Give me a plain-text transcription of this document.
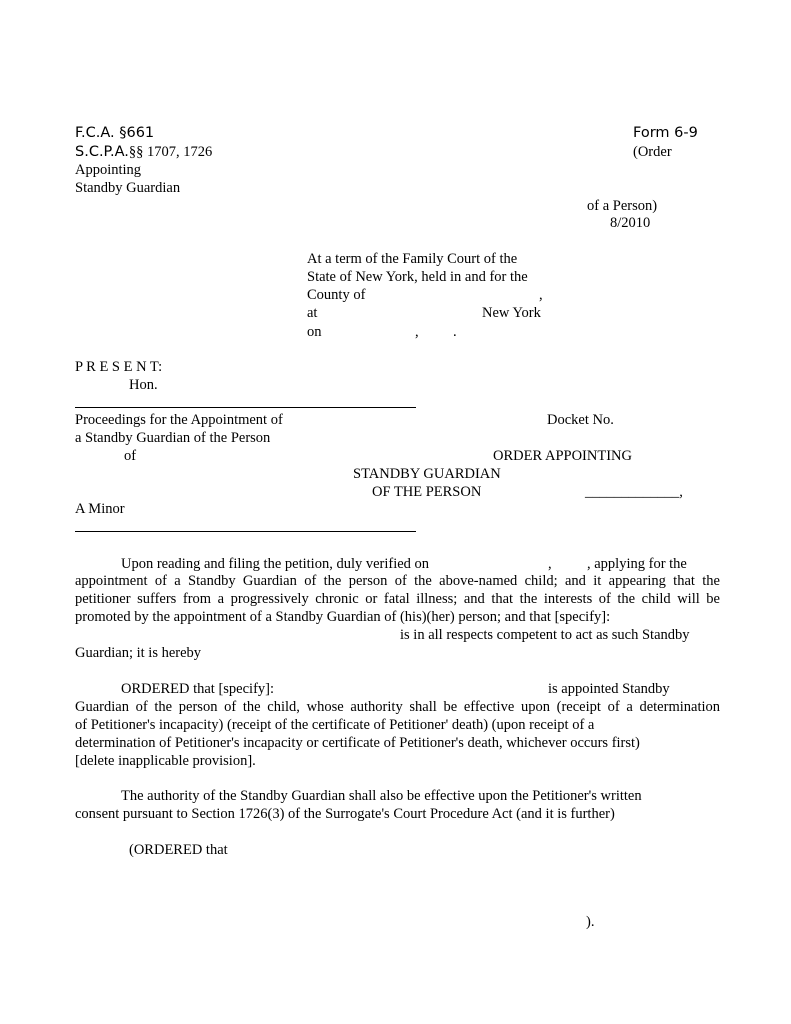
F.C.A. §661
S.C.P.A.§§ 1707, 1726
Form 6-9
(Order
Appointing
Standby Guardian
of a Person)
8/2010
At a term of the Family Court of the
State of New York, held in and for the
County of	,
at	New York
on	, .
P R E S E N T:
Hon.
Proceedings for the Appointment of
a Standby Guardian of the Person
of
A Minor
Docket No.
ORDER APPOINTING
STANDBY GUARDIAN
OF THE PERSON	_____________,
Upon reading and filing the petition, duly verified on	, , applying for the
appointment of a Standby Guardian of the person of the above-named child; and it appearing that the
petitioner suffers from a progressively chronic or fatal illness; and that the interests of the child will be
promoted by the appointment of a Standby Guardian of (his)(her) person; and that [specify]:
is in all respects competent to act as such Standby
Guardian; it is hereby
ORDERED that [specify]:	is appointed Standby
Guardian of the person of the child, whose authority shall be effective upon (receipt of a determination
of Petitioner's incapacity) (receipt of the certificate of Petitioner' death) (upon receipt of a
determination of Petitioner's incapacity or certificate of Petitioner's death, whichever occurs first)
[delete inapplicable provision].
The authority of the Standby Guardian shall also be effective upon the Petitioner's written
consent pursuant to Section 1726(3) of the Surrogate's Court Procedure Act (and it is further)
(ORDERED that
).
